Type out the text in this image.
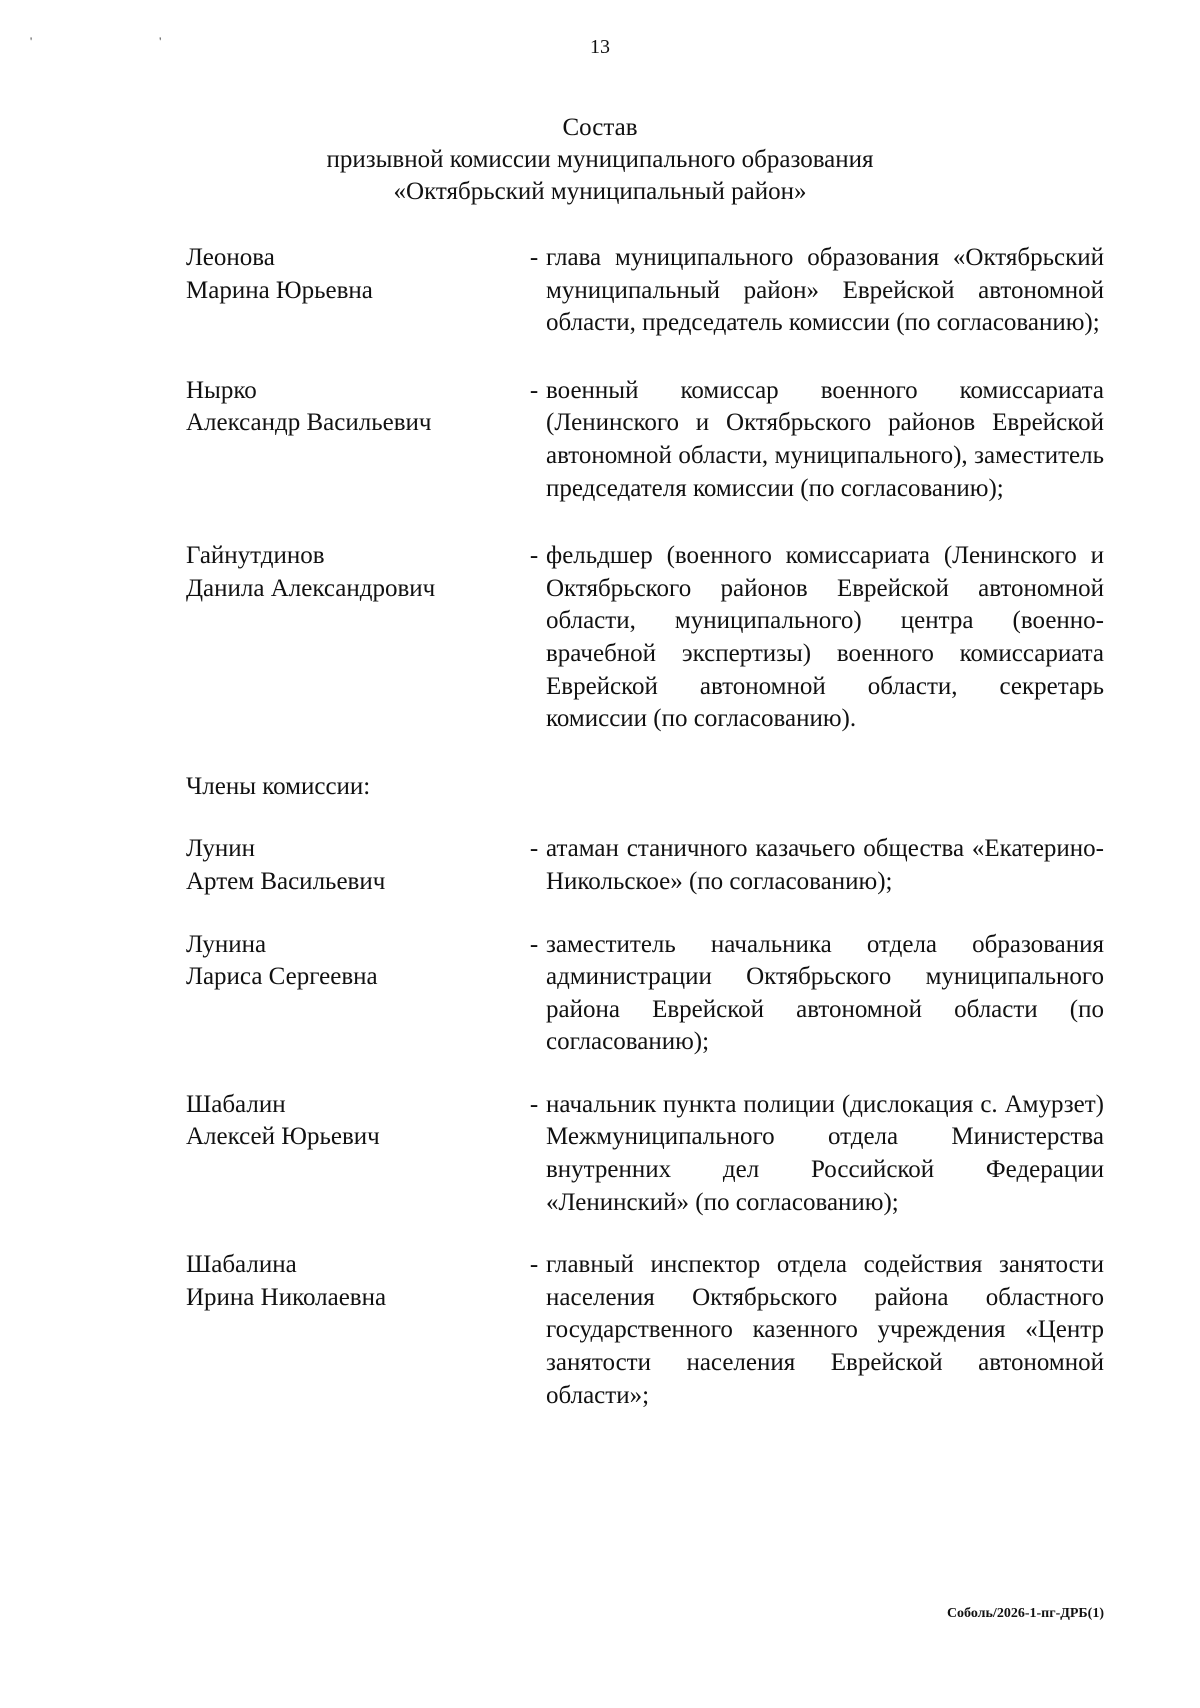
' '	13
Состав
призывной комиссии муниципального образования
«Октябрьский муниципальный район»
Леонова
Марина Юрьевна
- глава муниципального образования «Октябрьский муниципальный район» Еврейской автономной области, председатель комиссии (по согласованию);
Нырко
Александр Васильевич
- военный комиссар военного комиссариата (Ленинского и Октябрьского районов Еврейской автономной области, муниципального), заместитель председателя комиссии (по согласованию);
Гайнутдинов
Данила Александрович
- фельдшер (военного комиссариата (Ленинского и Октябрьского районов Еврейской автономной области, муниципального) центра (военно-врачебной экспертизы) военного комиссариата Еврейской автономной области, секретарь комиссии (по согласованию).
Члены комиссии:
Лунин
Артем Васильевич
- атаман станичного казачьего общества «Екатерино-Никольское» (по согласованию);
Лунина
Лариса Сергеевна
- заместитель начальника отдела образования администрации Октябрьского муниципального района Еврейской автономной области (по согласованию);
Шабалин
Алексей Юрьевич
- начальник пункта полиции (дислокация с. Амурзет) Межмуниципального отдела Министерства внутренних дел Российской Федерации «Ленинский» (по согласованию);
Шабалина
Ирина Николаевна
- главный инспектор отдела содействия занятости населения Октябрьского района областного государственного казенного учреждения «Центр занятости населения Еврейской автономной области»;
Соболь/2026-1-пг-ДРБ(1)
